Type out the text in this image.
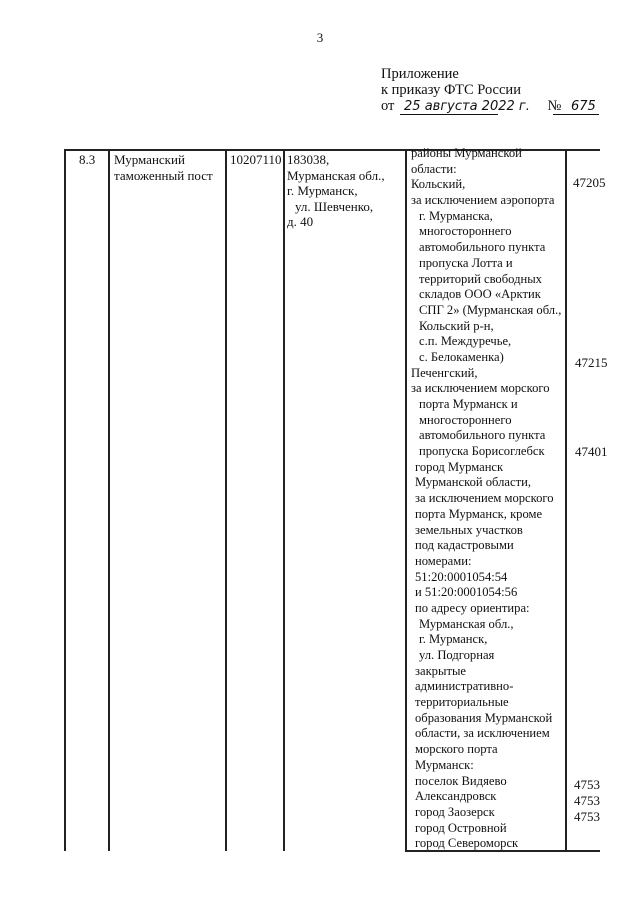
3
Приложение
к приказу ФТС России
от 25 августа 2022 г. № 675
8.3 Мурманский
таможенный пост
10207110 183038,
Мурманская обл.,
г. Мурманск,
ул. Шевченко,
д. 40
районы Мурманской
области:
Кольский,
за исключением аэропорта
г. Мурманска,
многостороннего
автомобильного пункта
пропуска Лотта и
территорий свободных
складов ООО «Арктик
СПГ 2» (Мурманская обл.,
Кольский р-н,
с.п. Междуречье,
с. Белокаменка)
Печенгский,
за исключением морского
порта Мурманск и
многостороннего
автомобильного пункта
пропуска Борисоглебск
город Мурманск
Мурманской области,
за исключением морского
порта Мурманск, кроме
земельных участков
под кадастровыми
номерами:
51:20:0001054:54
и 51:20:0001054:56
по адресу ориентира:
Мурманская обл.,
г. Мурманск,
ул. Подгорная
закрытые
административно-
территориальные
образования Мурманской
области, за исключением
морского порта
Мурманск:
поселок Видяево
Александровск
город Заозерск
город Островной
город Североморск
47205
47215
47401
4753
4753
4753
